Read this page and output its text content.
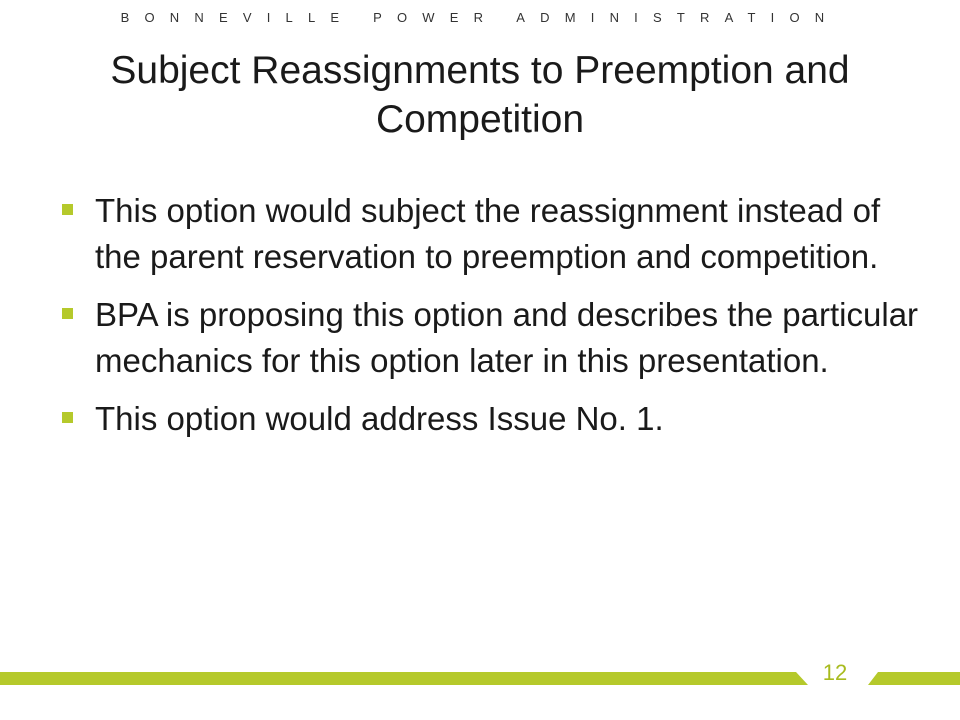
BONNEVILLE POWER ADMINISTRATION
Subject Reassignments to Preemption and Competition
This option would subject the reassignment instead of the parent reservation to preemption and competition.
BPA is proposing this option and describes the particular mechanics for this option later in this presentation.
This option would address Issue No. 1.
12
